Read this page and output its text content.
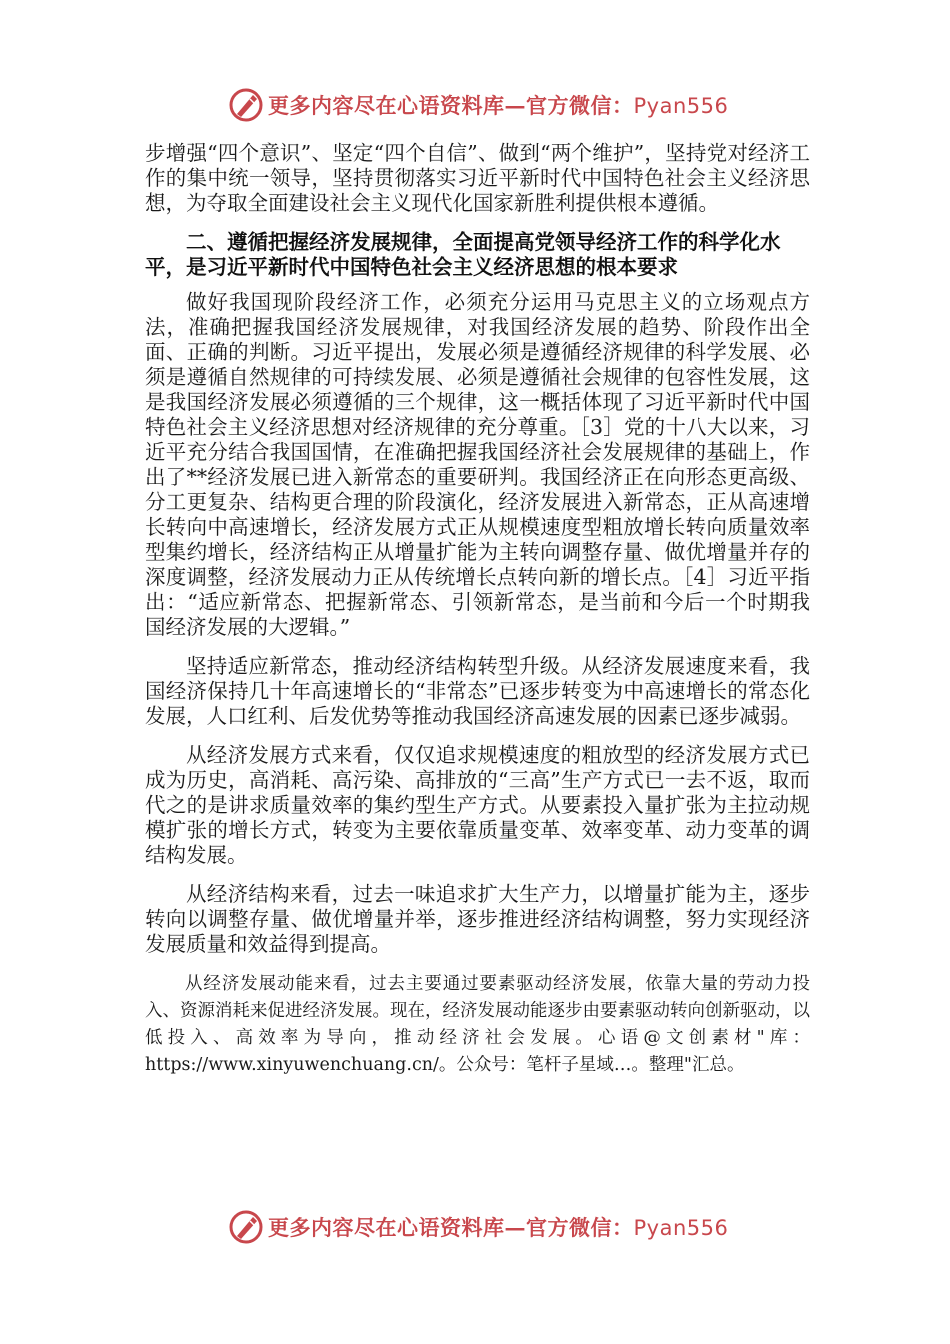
更多内容尽在心语资料库—官方微信：Pyan556

步增强“四个意识”、坚定“四个自信”、做到“两个维护”，坚持党对经济工作的集中统一领导，坚持贯彻落实习近平新时代中国特色社会主义经济思想，为夺取全面建设社会主义现代化国家新胜利提供根本遵循。

二、遵循把握经济发展规律，全面提高党领导经济工作的科学化水平，是习近平新时代中国特色社会主义经济思想的根本要求

做好我国现阶段经济工作，必须充分运用马克思主义的立场观点方法，准确把握我国经济发展规律，对我国经济发展的趋势、阶段作出全面、正确的判断。习近平提出，发展必须是遵循经济规律的科学发展、必须是遵循自然规律的可持续发展、必须是遵循社会规律的包容性发展，这是我国经济发展必须遵循的三个规律，这一概括体现了习近平新时代中国特色社会主义经济思想对经济规律的充分尊重。［3］党的十八大以来，习近平充分结合我国国情，在准确把握我国经济社会发展规律的基础上，作出了**经济发展已进入新常态的重要研判。我国经济正在向形态更高级、分工更复杂、结构更合理的阶段演化，经济发展进入新常态，正从高速增长转向中高速增长，经济发展方式正从规模速度型粗放增长转向质量效率型集约增长，经济结构正从增量扩能为主转向调整存量、做优增量并存的深度调整，经济发展动力正从传统增长点转向新的增长点。［4］习近平指出：“适应新常态、把握新常态、引领新常态，是当前和今后一个时期我国经济发展的大逻辑。”

坚持适应新常态，推动经济结构转型升级。从经济发展速度来看，我国经济保持几十年高速增长的“非常态”已逐步转变为中高速增长的常态化发展，人口红利、后发优势等推动我国经济高速发展的因素已逐步减弱。

从经济发展方式来看，仅仅追求规模速度的粗放型的经济发展方式已成为历史，高消耗、高污染、高排放的“三高”生产方式已一去不返，取而代之的是讲求质量效率的集约型生产方式。从要素投入量扩张为主拉动规模扩张的增长方式，转变为主要依靠质量变革、效率变革、动力变革的调结构发展。

从经济结构来看，过去一味追求扩大生产力，以增量扩能为主，逐步转向以调整存量、做优增量并举，逐步推进经济结构调整，努力实现经济发展质量和效益得到提高。

从经济发展动能来看，过去主要通过要素驱动经济发展，依靠大量的劳动力投入、资源消耗来促进经济发展。现在，经济发展动能逐步由要素驱动转向创新驱动，以低投入、高效率为导向，推动经济社会发展。心语@文创素材"库：https://www.xinyuwenchuang.cn/。公众号：笔杆子星域…。整理"汇总。

更多内容尽在心语资料库—官方微信：Pyan556
